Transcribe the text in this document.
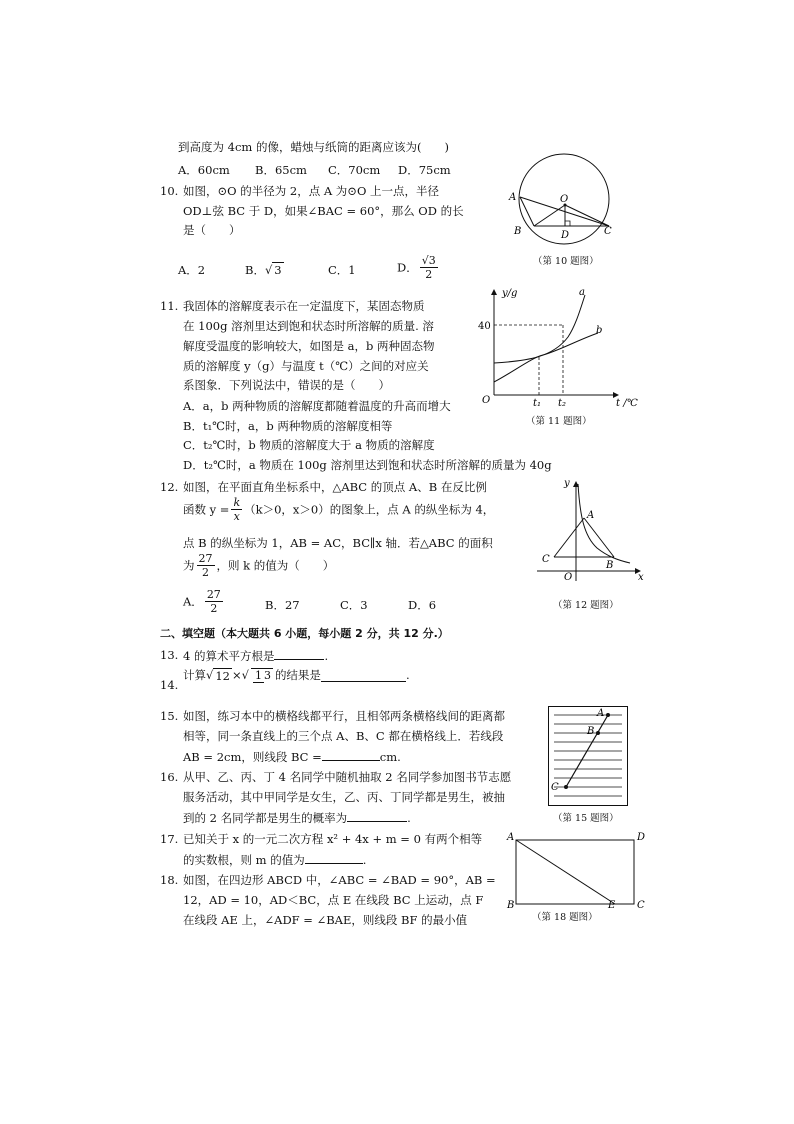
到高度为 4cm 的像，蜡烛与纸筒的距离应该为(　　)
A．60cm B．65cm C．70cm D．75cm
10. 如图，⊙O 的半径为 2，点 A 为⊙O 上一点，半径
OD⊥弦 BC 于 D，如果∠BAC = 60°，那么 OD 的长
是（　　）
A．2	B．√ 3	C．1	D． $\frac{√3}{2}$
A	O
B	D	C
（第 10 题图）
11. 我固体的溶解度表示在一定温度下，某固态物质
在 100g 溶剂里达到饱和状态时所溶解的质量. 溶
解度受温度的影响较大，如图是 a，b 两种固态物
质的溶解度 y（g）与温度 t（℃）之间的对应关
系图象．下列说法中，错误的是（　　）
A．a，b 两种物质的溶解度都随着温度的升高而增大
B．t₁℃时，a，b 两种物质的溶解度相等
C．t₂℃时，b 物质的溶解度大于 a 物质的溶解度
D．t₂℃时，a 物质在 100g 溶剂里达到饱和状态时所溶解的质量为 40g
y/g
40
a
b
O	t₁ t₂	t /℃
（第 11 题图）
12. 如图，在平面直角坐标系中，△ABC 的顶点 A、B 在反比例
函数 $y = \frac{k}{x} (k>0$，x＞0）的图象上，点 A 的纵坐标为 4，
点 B 的纵坐标为 1，AB = AC，BC∥x 轴．若△ABC 的面积
为 $\frac{27}{2}$ ，则 k 的值为（　　）
A． $\frac{27}{2}$	B．27	C．3	D．6
y
A
C
B
O	x
（第 12 题图）
二、填空题（本大题共 6 小题，每小题 2 分，共 12 分.）
13. 4 的算术平方根是	.
14.
计算√ 12 ×√ 1 3 的结果是	.
15. 如图，练习本中的横格线都平行，且相邻两条横格线间的距离都
相等，同一条直线上的三个点 A、B、C 都在横格线上．若线段
AB = 2cm，则线段 BC =	cm.
A
B
C
（第 15 题图）
16. 从甲、乙、丙、丁 4 名同学中随机抽取 2 名同学参加图书节志愿
服务活动，其中甲同学是女生，乙、丙、丁同学都是男生，被抽
到的 2 名同学都是男生的概率为	.
17. 已知关于 x 的一元二次方程 x² + 4x + m = 0 有两个相等
的实数根，则 m 的值为	.
18. 如图，在四边形 ABCD 中，∠ABC = ∠BAD = 90°，AB =
12，AD = 10，AD＜BC，点 E 在线段 BC 上运动，点 F
在线段 AE 上，∠ADF = ∠BAE，则线段 BF 的最小值
A	D
B	E C
（第 18 题图）
